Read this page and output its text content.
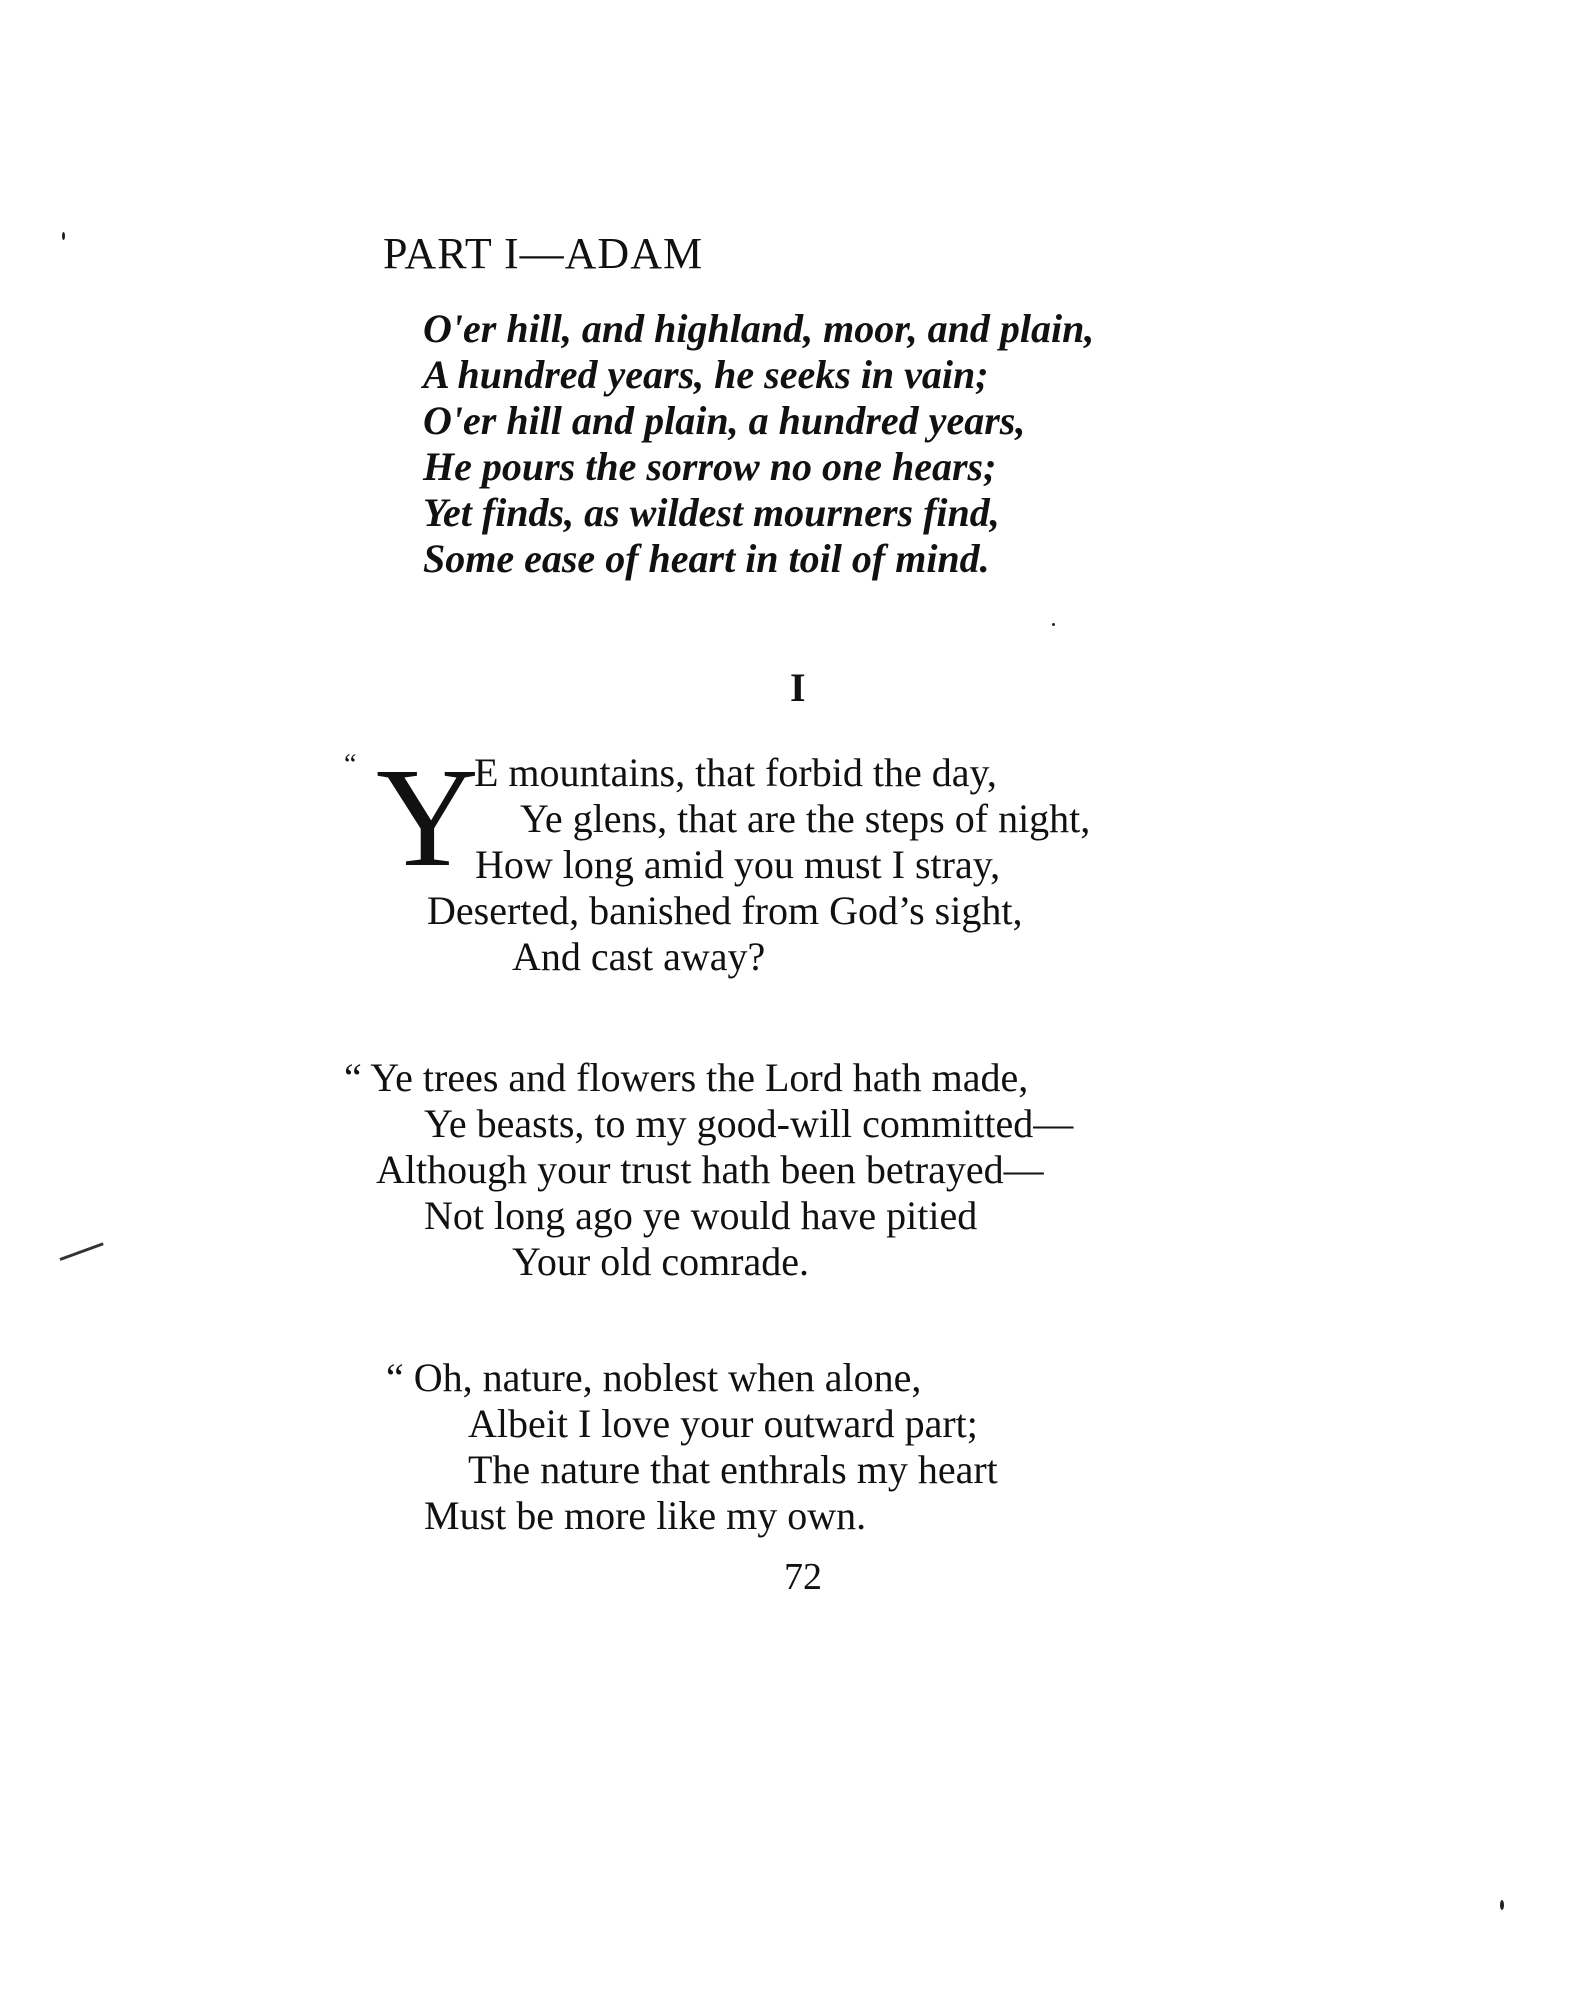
PART I—ADAM
O'er hill, and highland, moor, and plain,
A hundred years, he seeks in vain;
O'er hill and plain, a hundred years,
He pours the sorrow no one hears;
Yet finds, as wildest mourners find,
Some ease of heart in toil of mind.
I
“ Y
E mountains, that forbid the day,
Ye glens, that are the steps of night,
How long amid you must I stray,
Deserted, banished from God’s sight,
And cast away?
“ Ye trees and flowers the Lord hath made,
Ye beasts, to my good-will committed—
Although your trust hath been betrayed—
Not long ago ye would have pitied
Your old comrade.
“ Oh, nature, noblest when alone,
Albeit I love your outward part;
The nature that enthrals my heart
Must be more like my own.
72
